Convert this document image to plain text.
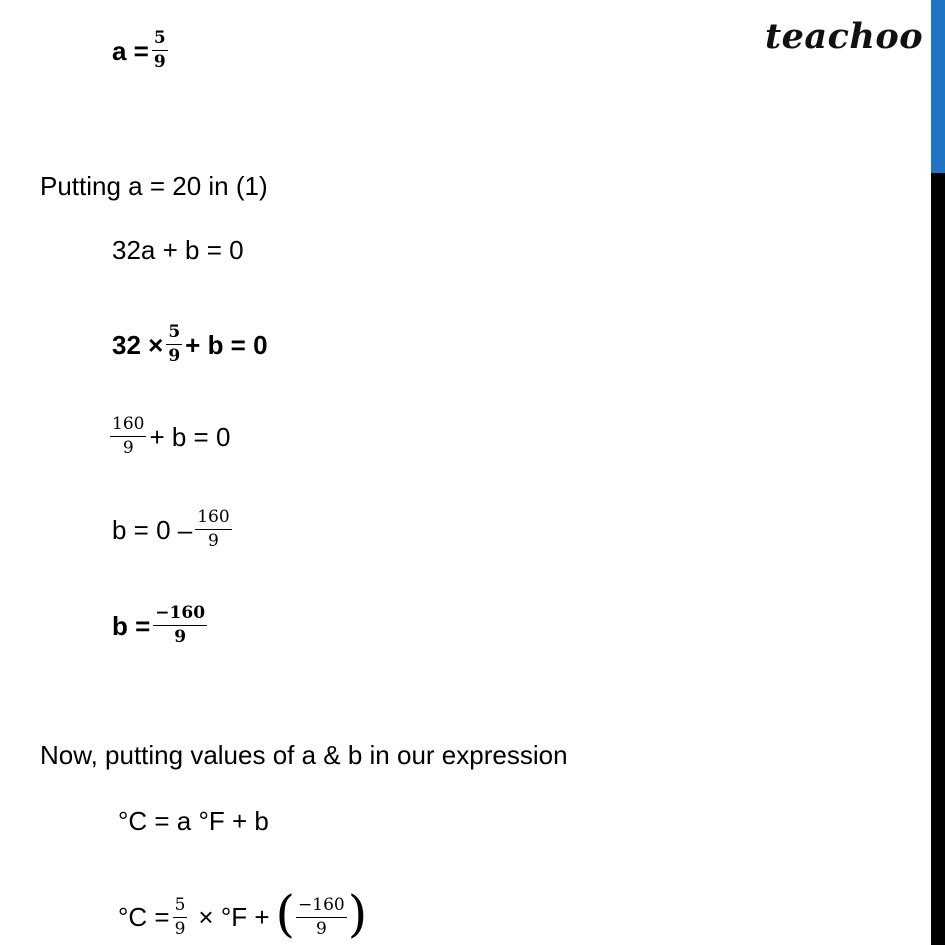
teachoo
$a = \frac{5}{9}$
Putting a = 20 in (1)
32a + b = 0
$32 \times \frac{5}{9} + b = 0$
$\frac{160}{9} + b = 0$
$b = 0 - \frac{160}{9}$
$b = \frac{-160}{9}$
Now, putting values of a & b in our expression
°C = a °F + b
$^\circ C = \frac{5}{9} \times ^\circ F$ + ( $\frac{-160}{9}$ )
